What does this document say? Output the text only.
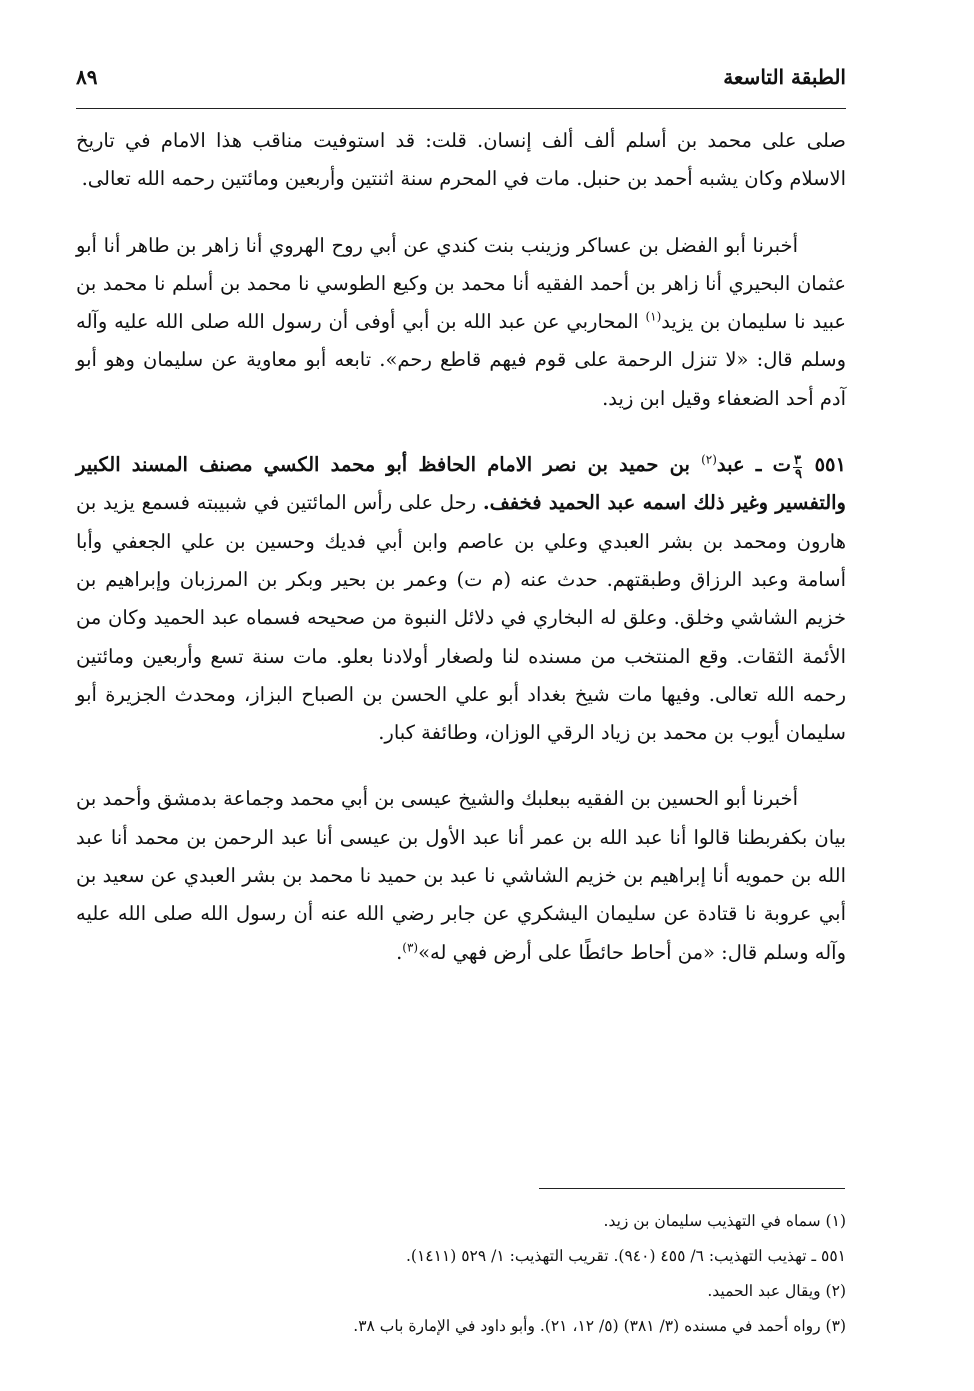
الطبقة التاسعة
٨٩

صلى على محمد بن أسلم ألف ألف إنسان. قلت: قد استوفيت مناقب هذا الامام في تاريخ الاسلام وكان يشبه أحمد بن حنبل. مات في المحرم سنة اثنتين وأربعين ومائتين رحمه الله تعالى.

أخبرنا أبو الفضل بن عساكر وزينب بنت كندي عن أبي روح الهروي أنا زاهر بن طاهر أنا أبو عثمان البحيري أنا زاهر بن أحمد الفقيه أنا محمد بن وكيع الطوسي نا محمد بن أسلم نا محمد بن عبيد نا سليمان بن يزيد$^{(١)}$ المحاربي عن عبد الله بن أبي أوفى أن رسول الله صلى الله عليه وآله وسلم قال: «لا تنزل الرحمة على قوم فيهم قاطع رحم». تابعه أبو معاوية عن سليمان وهو أبو آدم أحد الضعفاء وقيل ابن زيد.

٥٥١
$\frac{٣}{٩}$
ت ـ عبد$^{(٢)}$ بن حميد بن نصر الامام الحافظ أبو محمد الكسي مصنف المسند الكبير والتفسير وغير ذلك اسمه عبد الحميد فخفف. رحل على رأس المائتين في شبيبته فسمع يزيد بن هارون ومحمد بن بشر العبدي وعلي بن عاصم وابن أبي فديك وحسين بن علي الجعفي وأبا أسامة وعبد الرزاق وطبقتهم. حدث عنه (م ت) وعمر بن بحير وبكر بن المرزبان وإبراهيم بن خزيم الشاشي وخلق. وعلق له البخاري في دلائل النبوة من صحيحه فسماه عبد الحميد وكان من الأئمة الثقات. وقع المنتخب من مسنده لنا ولصغار أولادنا بعلو. مات سنة تسع وأربعين ومائتين رحمه الله تعالى. وفيها مات شيخ بغداد أبو علي الحسن بن الصباح البزاز، ومحدث الجزيرة أبو سليمان أيوب بن محمد بن زياد الرقي الوزان، وطائفة كبار.

أخبرنا أبو الحسين بن الفقيه ببعلبك والشيخ عيسى بن أبي محمد وجماعة بدمشق وأحمد بن بيان بكفربطنا قالوا أنا عبد الله بن عمر أنا عبد الأول بن عيسى أنا عبد الرحمن بن محمد أنا عبد الله بن حمويه أنا إبراهيم بن خزيم الشاشي نا عبد بن حميد نا محمد بن بشر العبدي عن سعيد بن أبي عروبة نا قتادة عن سليمان اليشكري عن جابر رضي الله عنه أن رسول الله صلى الله عليه وآله وسلم قال: «من أحاط حائطًا على أرض فهي له»$^{(٣)}$.

(١) سماه في التهذيب سليمان بن زيد.
٥٥١ ـ تهذيب التهذيب: ٦/ ٤٥٥ (٩٤٠). تقريب التهذيب: ١/ ٥٢٩ (١٤١١).
(٢) ويقال عبد الحميد.
(٣) رواه أحمد في مسنده (٣/ ٣٨١) (٥/ ١٢، ٢١). وأبو داود في الإمارة باب ٣٨.
